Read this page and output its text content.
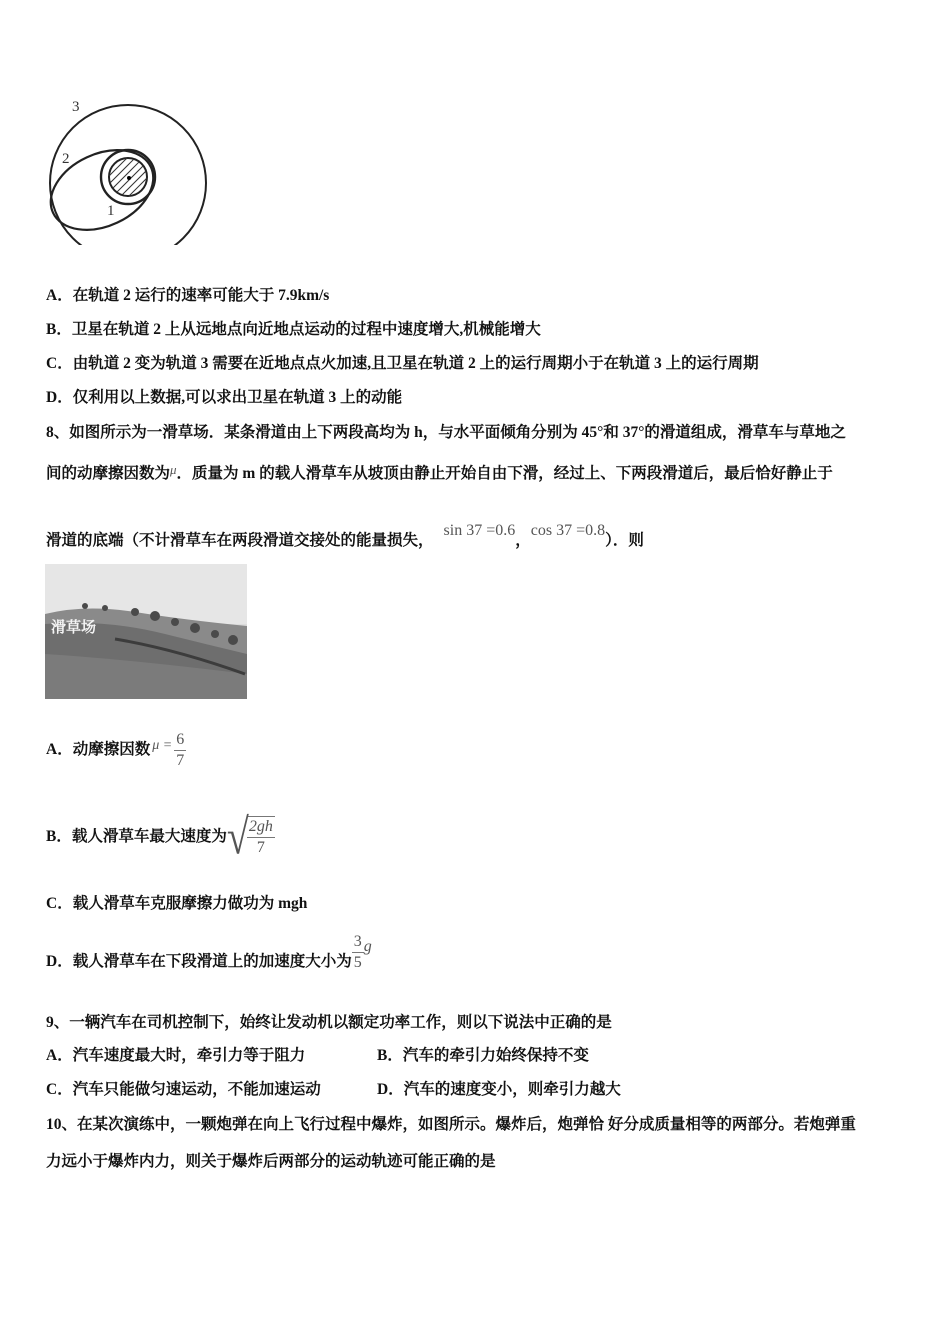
3
2
1
A．在轨道 2 运行的速率可能大于 7.9km/s
B．卫星在轨道 2 上从远地点向近地点运动的过程中速度增大,机械能增大
C．由轨道 2 变为轨道 3 需要在近地点点火加速,且卫星在轨道 2 上的运行周期小于在轨道 3 上的运行周期
D．仅利用以上数据,可以求出卫星在轨道 3 上的动能
8、如图所示为一滑草场．某条滑道由上下两段高均为 h，与水平面倾角分别为 45°和 37°的滑道组成，滑草车与草地之
间的动摩擦因数为$^\mu$．质量为 m 的载人滑草车从坡顶由静止开始自由下滑，经过上、下两段滑道后，最后恰好静止于
滑道的底端（不计滑草车在两段滑道交接处的能量损失，sin 37 =0.6，cos 37 =0.8）．则
滑草场
A． 动摩擦因数 $\mu = \frac{6}{7}$
B． 载人滑草车最大速度为 √
$\frac{2gh}{7}$
C．载人滑草车克服摩擦力做功为 mgh
D． 载人滑草车在下段滑道上的加速度大小为 $\frac{3}{5}$ g
9、一辆汽车在司机控制下，始终让发动机以额定功率工作，则以下说法中正确的是
A．汽车速度最大时，牵引力等于阻力	B．汽车的牵引力始终保持不变
C．汽车只能做匀速运动，不能加速运动	D．汽车的速度变小，则牵引力越大
10、在某次演练中，一颗炮弹在向上飞行过程中爆炸，如图所示。爆炸后，炮弹恰 好分成质量相等的两部分。若炮弹重
力远小于爆炸内力，则关于爆炸后两部分的运动轨迹可能正确的是
